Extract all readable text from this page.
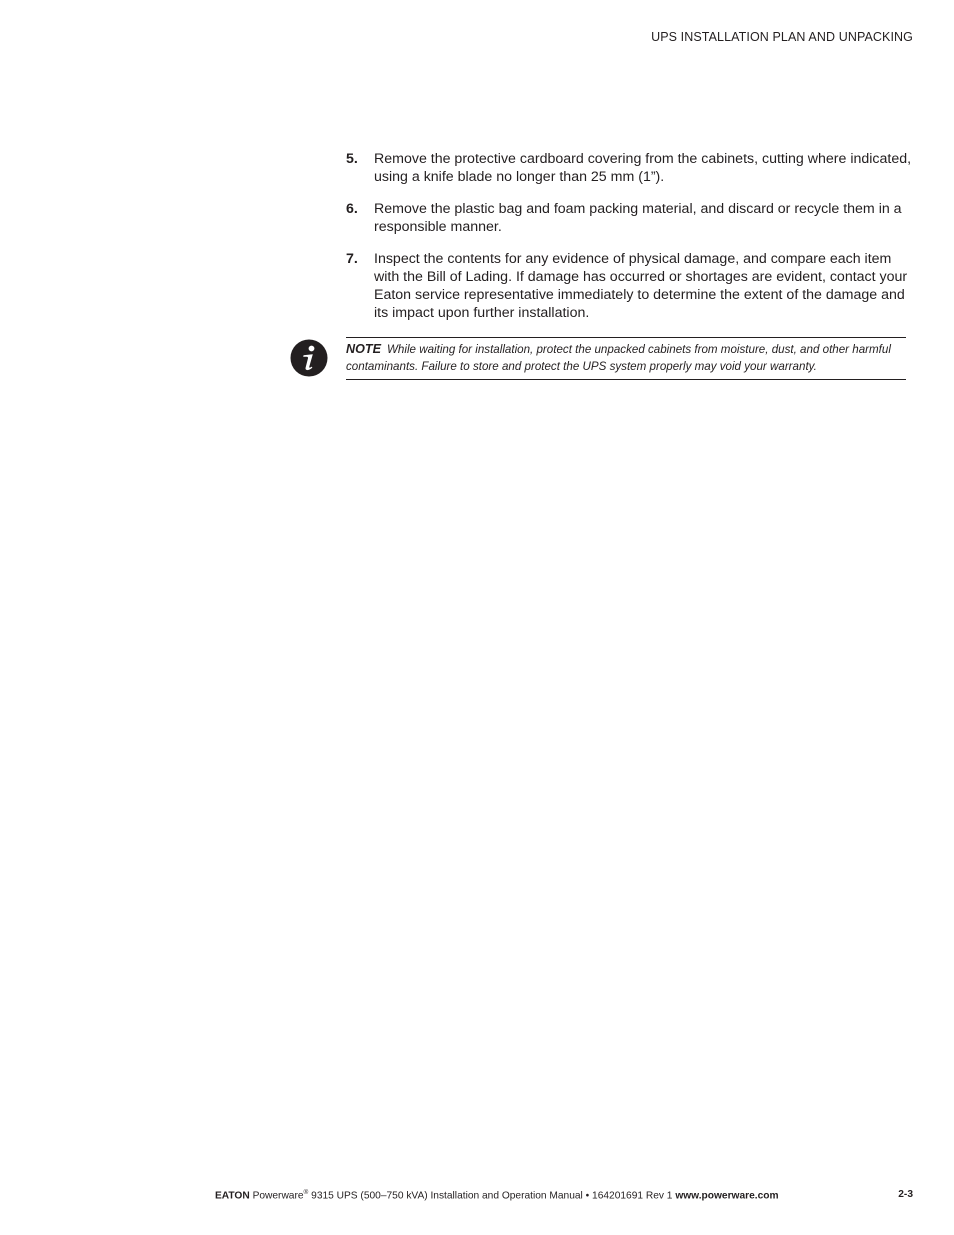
UPS INSTALLATION PLAN AND UNPACKING
5.	Remove the protective cardboard covering from the cabinets, cutting where indicated, using a knife blade no longer than 25 mm (1”).
6.	Remove the plastic bag and foam packing material, and discard or recycle them in a responsible manner.
7.	Inspect the contents for any evidence of physical damage, and compare each item with the Bill of Lading. If damage has occurred or shortages are evident, contact your Eaton service representative immediately to determine the extent of the damage and its impact upon further installation.
NOTE While waiting for installation, protect the unpacked cabinets from moisture, dust, and other harmful contaminants. Failure to store and protect the UPS system properly may void your warranty.
EATON Powerware® 9315 UPS (500–750 kVA) Installation and Operation Manual • 164201691 Rev 1 www.powerware.com	2-3
